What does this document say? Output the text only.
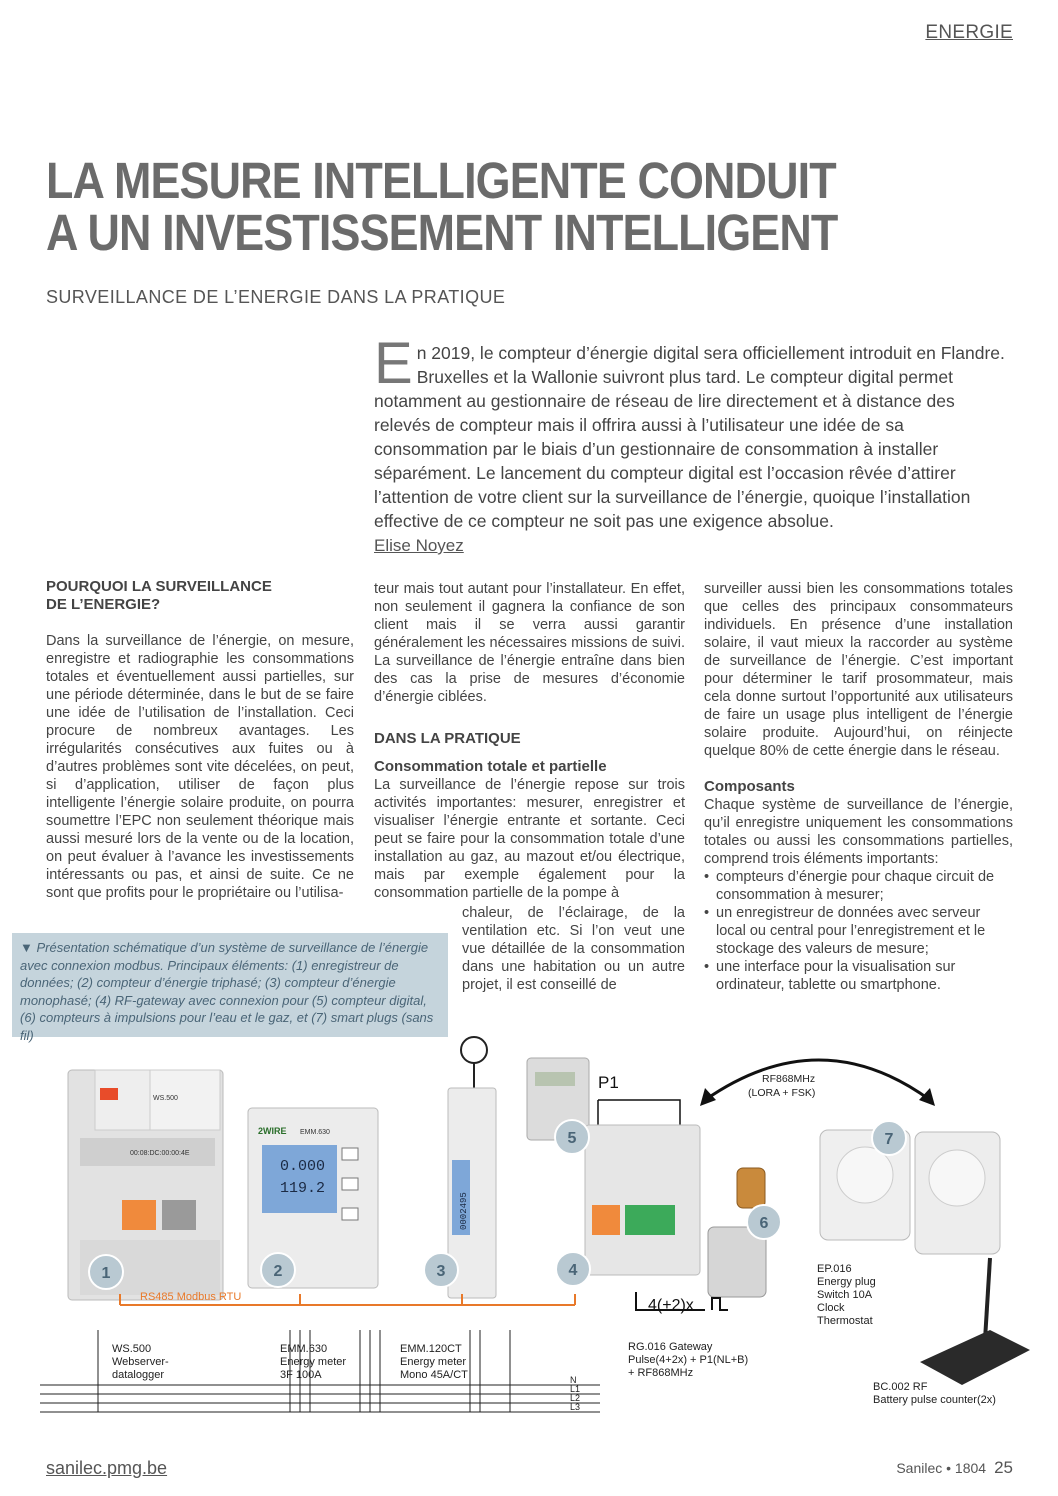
ENERGIE
LA MESURE INTELLIGENTE CONDUIT
A UN INVESTISSEMENT INTELLIGENT
SURVEILLANCE DE L’ENERGIE DANS LA PRATIQUE
En 2019, le compteur d’énergie digital sera officiellement introduit en Flandre. Bruxelles et la Wallonie suivront plus tard. Le compteur digital permet notamment au gestionnaire de réseau de lire directement et à distance des relevés de compteur mais il offrira aussi à l’utilisateur une idée de sa consommation par le biais d’un gestionnaire de consommation à installer séparément. Le lancement du compteur digital est l’occasion rêvée d’attirer l’attention de votre client sur la surveillance de l’énergie, quoique l’installation effective de ce compteur ne soit pas une exigence absolue.
Elise Noyez
POURQUOI LA SURVEILLANCE
DE L’ENERGIE?

Dans la surveillance de l’énergie, on mesure, enregistre et radiographie les consommations totales et éventuellement aussi partielles, sur une période déterminée, dans le but de se faire une idée de l’utilisation de l’installation. Ceci procure de nombreux avantages. Les irrégularités consécutives aux fuites ou à d’autres problèmes sont vite décelées, on peut, si d’application, utiliser de façon plus intelligente l’énergie solaire produite, on pourra soumettre l’EPC non seulement théorique mais aussi mesuré lors de la vente ou de la location, on peut évaluer à l’avance les investissements intéressants ou pas, et ainsi de suite. Ce ne sont que profits pour le propriétaire ou l’utilisa-

teur mais tout autant pour l’installateur. En effet, non seulement il gagnera la confiance de son client mais il se verra aussi garantir généralement les nécessaires missions de suivi. La surveillance de l’énergie entraîne dans bien des cas la prise de mesures d’économie d’énergie ciblées.

DANS LA PRATIQUE
Consommation totale et partielle

La surveillance de l’énergie repose sur trois activités importantes: mesurer, enregistrer et visualiser l’énergie entrante et sortante. Ceci peut se faire pour la consommation totale d’une installation au gaz, au mazout et/ou électrique, mais par exemple également pour la consommation partielle de la pompe à

chaleur, de l’éclairage, de la ventilation etc. Si l’on veut une vue détaillée de la consommation dans une habitation ou un autre projet, il est conseillé de

surveiller aussi bien les consommations totales que celles des principaux consommateurs individuels. En présence d’une installation solaire, il vaut mieux la raccorder au système de surveillance de l’énergie. C’est important pour déterminer le tarif prosommateur, mais cela donne surtout l’opportunité aux utilisateurs de faire un usage plus intelligent de l’énergie solaire produite. Aujourd’hui, on réinjecte quelque 80% de cette énergie dans le réseau.

Composants

Chaque système de surveillance de l’énergie, qu’il enregistre uniquement les consommations totales ou aussi les consommations partielles, comprend trois éléments importants:

• compteurs d’énergie pour chaque circuit de consommation à mesurer;
• un enregistreur de données avec serveur local ou central pour l’enregistrement et le stockage des valeurs de mesure;
• une interface pour la visualisation sur ordinateur, tablette ou smartphone.
▼ Présentation schématique d’un système de surveillance de l’énergie avec connexion modbus. Principaux éléments: (1) enregistreur de données; (2) compteur d’énergie triphasé; (3) compteur d’énergie monophasé; (4) RF-gateway avec connexion pour (5) compteur digital, (6) compteurs à impulsions pour l’eau et le gaz, et (7) smart plugs (sans fil)
WS.500
00:08:DC:00:00:4E
0.000
119.2
2WIRE EMM.630
0002495
P1	RF868MHz
(LORA + FSK)
1	2	3	4
5
6
7
RS485 Modbus RTU	4(+2)x
N
L1
L2
L3
WS.500
Webserver-
datalogger
EMM.630
Energy meter
3F 100A
EMM.120CT
Energy meter
Mono 45A/CT
RG.016 Gateway
Pulse(4+2x) + P1(NL+B)
+ RF868MHz
EP.016
Energy plug
Switch 10A
Clock
Thermostat
BC.002 RF
Battery pulse counter(2x)
sanilec.pmg.be	Sanilec • 1804 25
